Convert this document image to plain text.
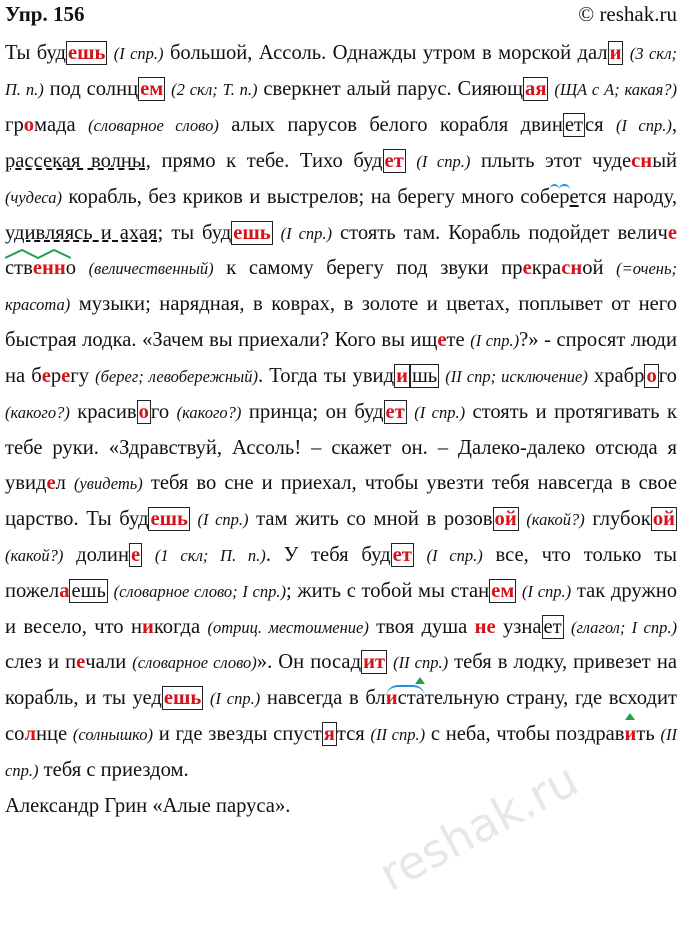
Упр. 156	© reshak.ru
Ты будешь (I спр.) большой, Ассоль. Однажды утром в морской дали (3 скл; П. п.) под солнцем (2 скл; Т. п.) сверкнет алый парус. Сияющая (ЩА с А; какая?) громада (словарное слово) алых парусов белого корабля двинется (I спр.), рассекая волны, прямо к тебе. Тихо будет (I спр.) плыть этот чудесный (чудеса) корабль, без криков и выстрелов; на берегу много соберется народу, удивляясь и ахая; ты будешь (I спр.) стоять там. Корабль подойдет величе
ственно (величественный) к самому берегу под звуки прекрасной (=очень; красота) музыки; нарядная, в коврах, в золоте и цветах, поплывет от него быстрая лодка. «Зачем вы приехали? Кого вы ищете (I спр.)?» - спросят люди на берегу (берег; левобережный). Тогда ты увиди шь (II спр; исключение) храброго (какого?) красивого (какого?) принца; он будет (I спр.) стоять и протягивать к тебе руки. «Здравствуй, Ассоль! – скажет он. – Далеко-далеко отсюда я увидел (увидеть) тебя во сне и приехал, чтобы увезти тебя навсегда в свое царство. Ты будешь (I спр.) там жить со мной в розовой (какой?) глубокой (какой?) долине (1 скл; П. п.). У тебя будет (I спр.) все, что только ты пожелаешь (словарное слово; I спр.); жить с тобой мы станем (I спр.) так дружно и весело, что никогда (отриц. местоимение) твоя душа не узнает (глагол; I спр.) слез и печали (словарное слово)». Он посадит (II спр.) тебя в лодку, привезет на корабль, и ты уедешь (I спр.) навсегда в блистательную страну, где всходит солнце (солнышко) и где звезды спустятся (II спр.) с неба, чтобы поздравить (II спр.) тебя с приездом.
Александр Грин «Алые паруса».	reshak.ru
